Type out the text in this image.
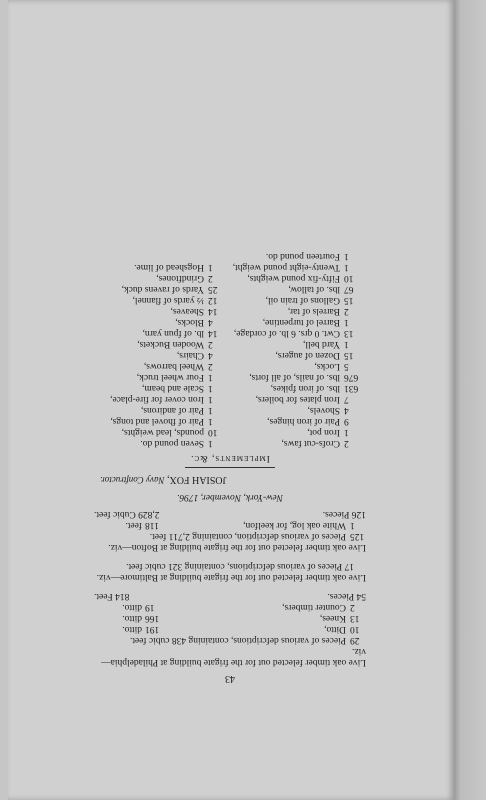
43
Live oak timber felected out for the frigate building at Philadelphia—viz.
29
Pieces of various defcriptions, containing 438 cubic feet.
10
Ditto,
191
ditto.
13
Knees,
166
ditto.
2
Counter timbers,
19
ditto.
54 Pieces.
814 Feet.
Live oak timber felected out for the frigate building at Baltimore—viz.
17 Pieces of various defcriptions, containing 321 cubic feet.
Live oak timber felected out for the frigate building at Bofton—viz.
125
Pieces of various defcription, containing 2,711 feet.
1
White oak log, for keelfon,
118
feet.
126 Pieces.
2,829 Cubic feet.
New-York, November, 1796.
JOSIAH FOX, Navy Conftructor.
Implements, &c.
2
Crofs-cut faws,
1
Iron pot,
9
Pair of iron hinges,
4
Shovels,
7
Iron plates for boilers,
631
lbs. of iron fpikes,
676
lbs. of nails, of all forts,
5
Locks,
15
Dozen of augers,
1
Yard bell,
13
Cwt. 0 qrs. 6 lb. of cordage,
1
Barrel of turpentine,
2
Barrels of tar,
15
Gallons of train oil,
67
lbs. of tallow,
10
Fifty-fix pound weights,
1
Twenty-eight pound weight,
1
Fourteen pound do.
1
Seven pound do.
10
pounds, lead weights,
1
Pair of fhovel and tongs,
1
Pair of andirons,
1
Iron cover for fire-place,
1
Scale and beam,
1
Four wheel truck,
2
Wheel barrows,
4
Chairs,
2
Wooden Buckets,
14
lb. of fpun yarn,
4
Blocks,
14
Sheaves,
12
½ yards of flannel,
25
Yards of ravens duck,
2
Grindftones,
1
Hogshead of lime.
